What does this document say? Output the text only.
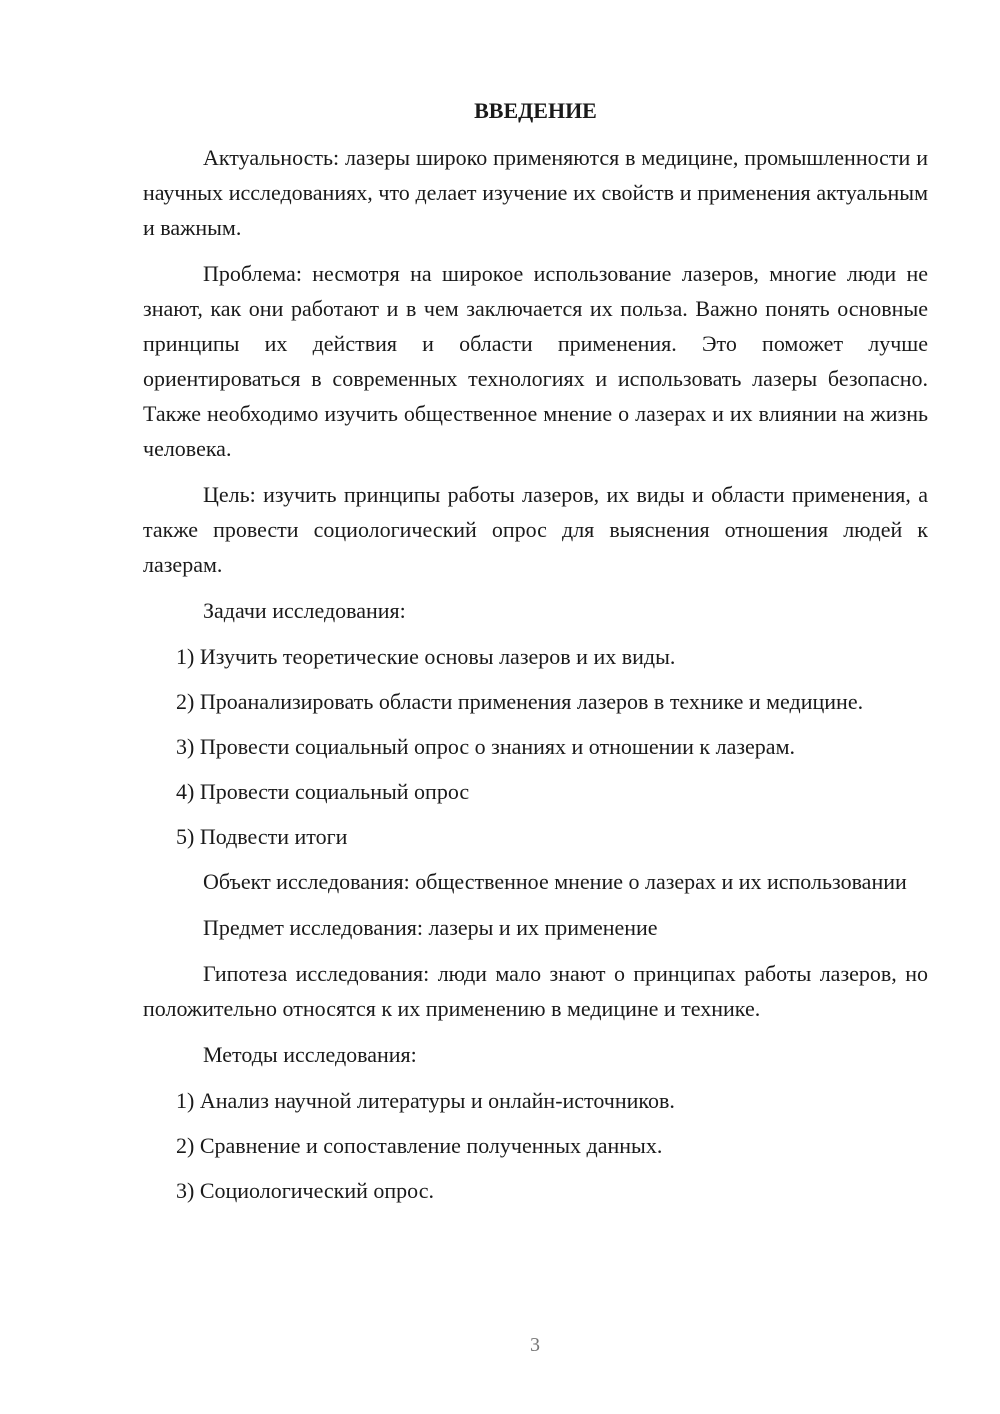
ВВЕДЕНИЕ

Актуальность: лазеры широко применяются в медицине, промышленности и научных исследованиях, что делает изучение их свойств и применения актуальным и важным.

Проблема: несмотря на широкое использование лазеров, многие люди не знают, как они работают и в чем заключается их польза. Важно понять основные принципы их действия и области применения. Это поможет лучше ориентироваться в современных технологиях и использовать лазеры безопасно. Также необходимо изучить общественное мнение о лазерах и их влиянии на жизнь человека.

Цель: изучить принципы работы лазеров, их виды и области применения, а также провести социологический опрос для выяснения отношения людей к лазерам.

Задачи исследования:

1) Изучить теоретические основы лазеров и их виды.

2) Проанализировать области применения лазеров в технике и медицине.

3) Провести социальный опрос о знаниях и отношении к лазерам.

4) Провести социальный опрос

5) Подвести итоги

Объект исследования: общественное мнение о лазерах и их использовании

Предмет исследования: лазеры и их применение

Гипотеза исследования: люди мало знают о принципах работы лазеров, но положительно относятся к их применению в медицине и технике.

Методы исследования:

1) Анализ научной литературы и онлайн-источников.

2) Сравнение и сопоставление полученных данных.

3) Социологический опрос.

3
